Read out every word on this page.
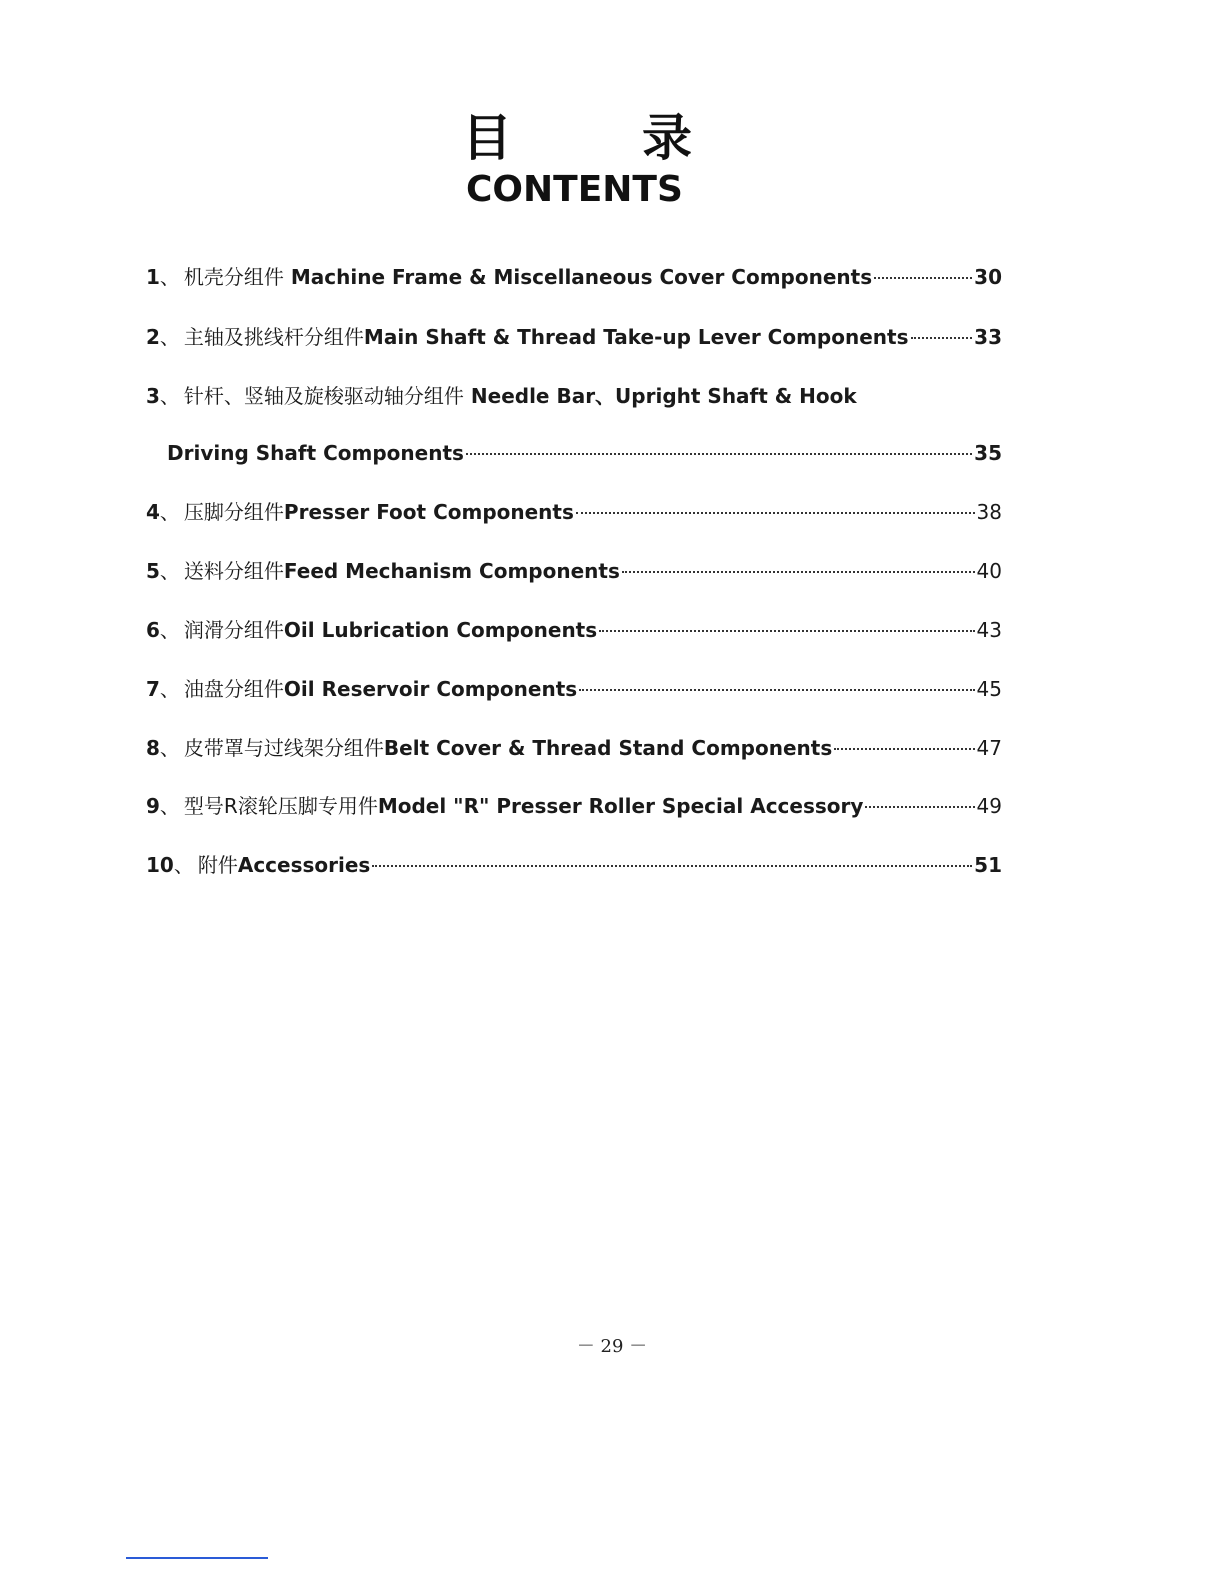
目	录
CONTENTS
1 、 机壳分组件 Machine Frame & Miscellaneous Cover Components	30
2 、 主轴及挑线杆分组件Main Shaft & Thread Take-up Lever Components	33
3 、 针杆、竖轴及旋梭驱动轴分组件 Needle Bar、Upright Shaft & Hook
Driving Shaft Components	35
4 、 压脚分组件Presser Foot Components	38
5 、 送料分组件Feed Mechanism Components	40
6 、 润滑分组件Oil Lubrication Components	43
7 、 油盘分组件Oil Reservoir Components	45
8 、 皮带罩与过线架分组件Belt Cover & Thread Stand Components	47
9 、 型号R滚轮压脚专用件Model "R" Presser Roller Special Accessory	49
10 、 附件Accessories	51
－ 29 －
